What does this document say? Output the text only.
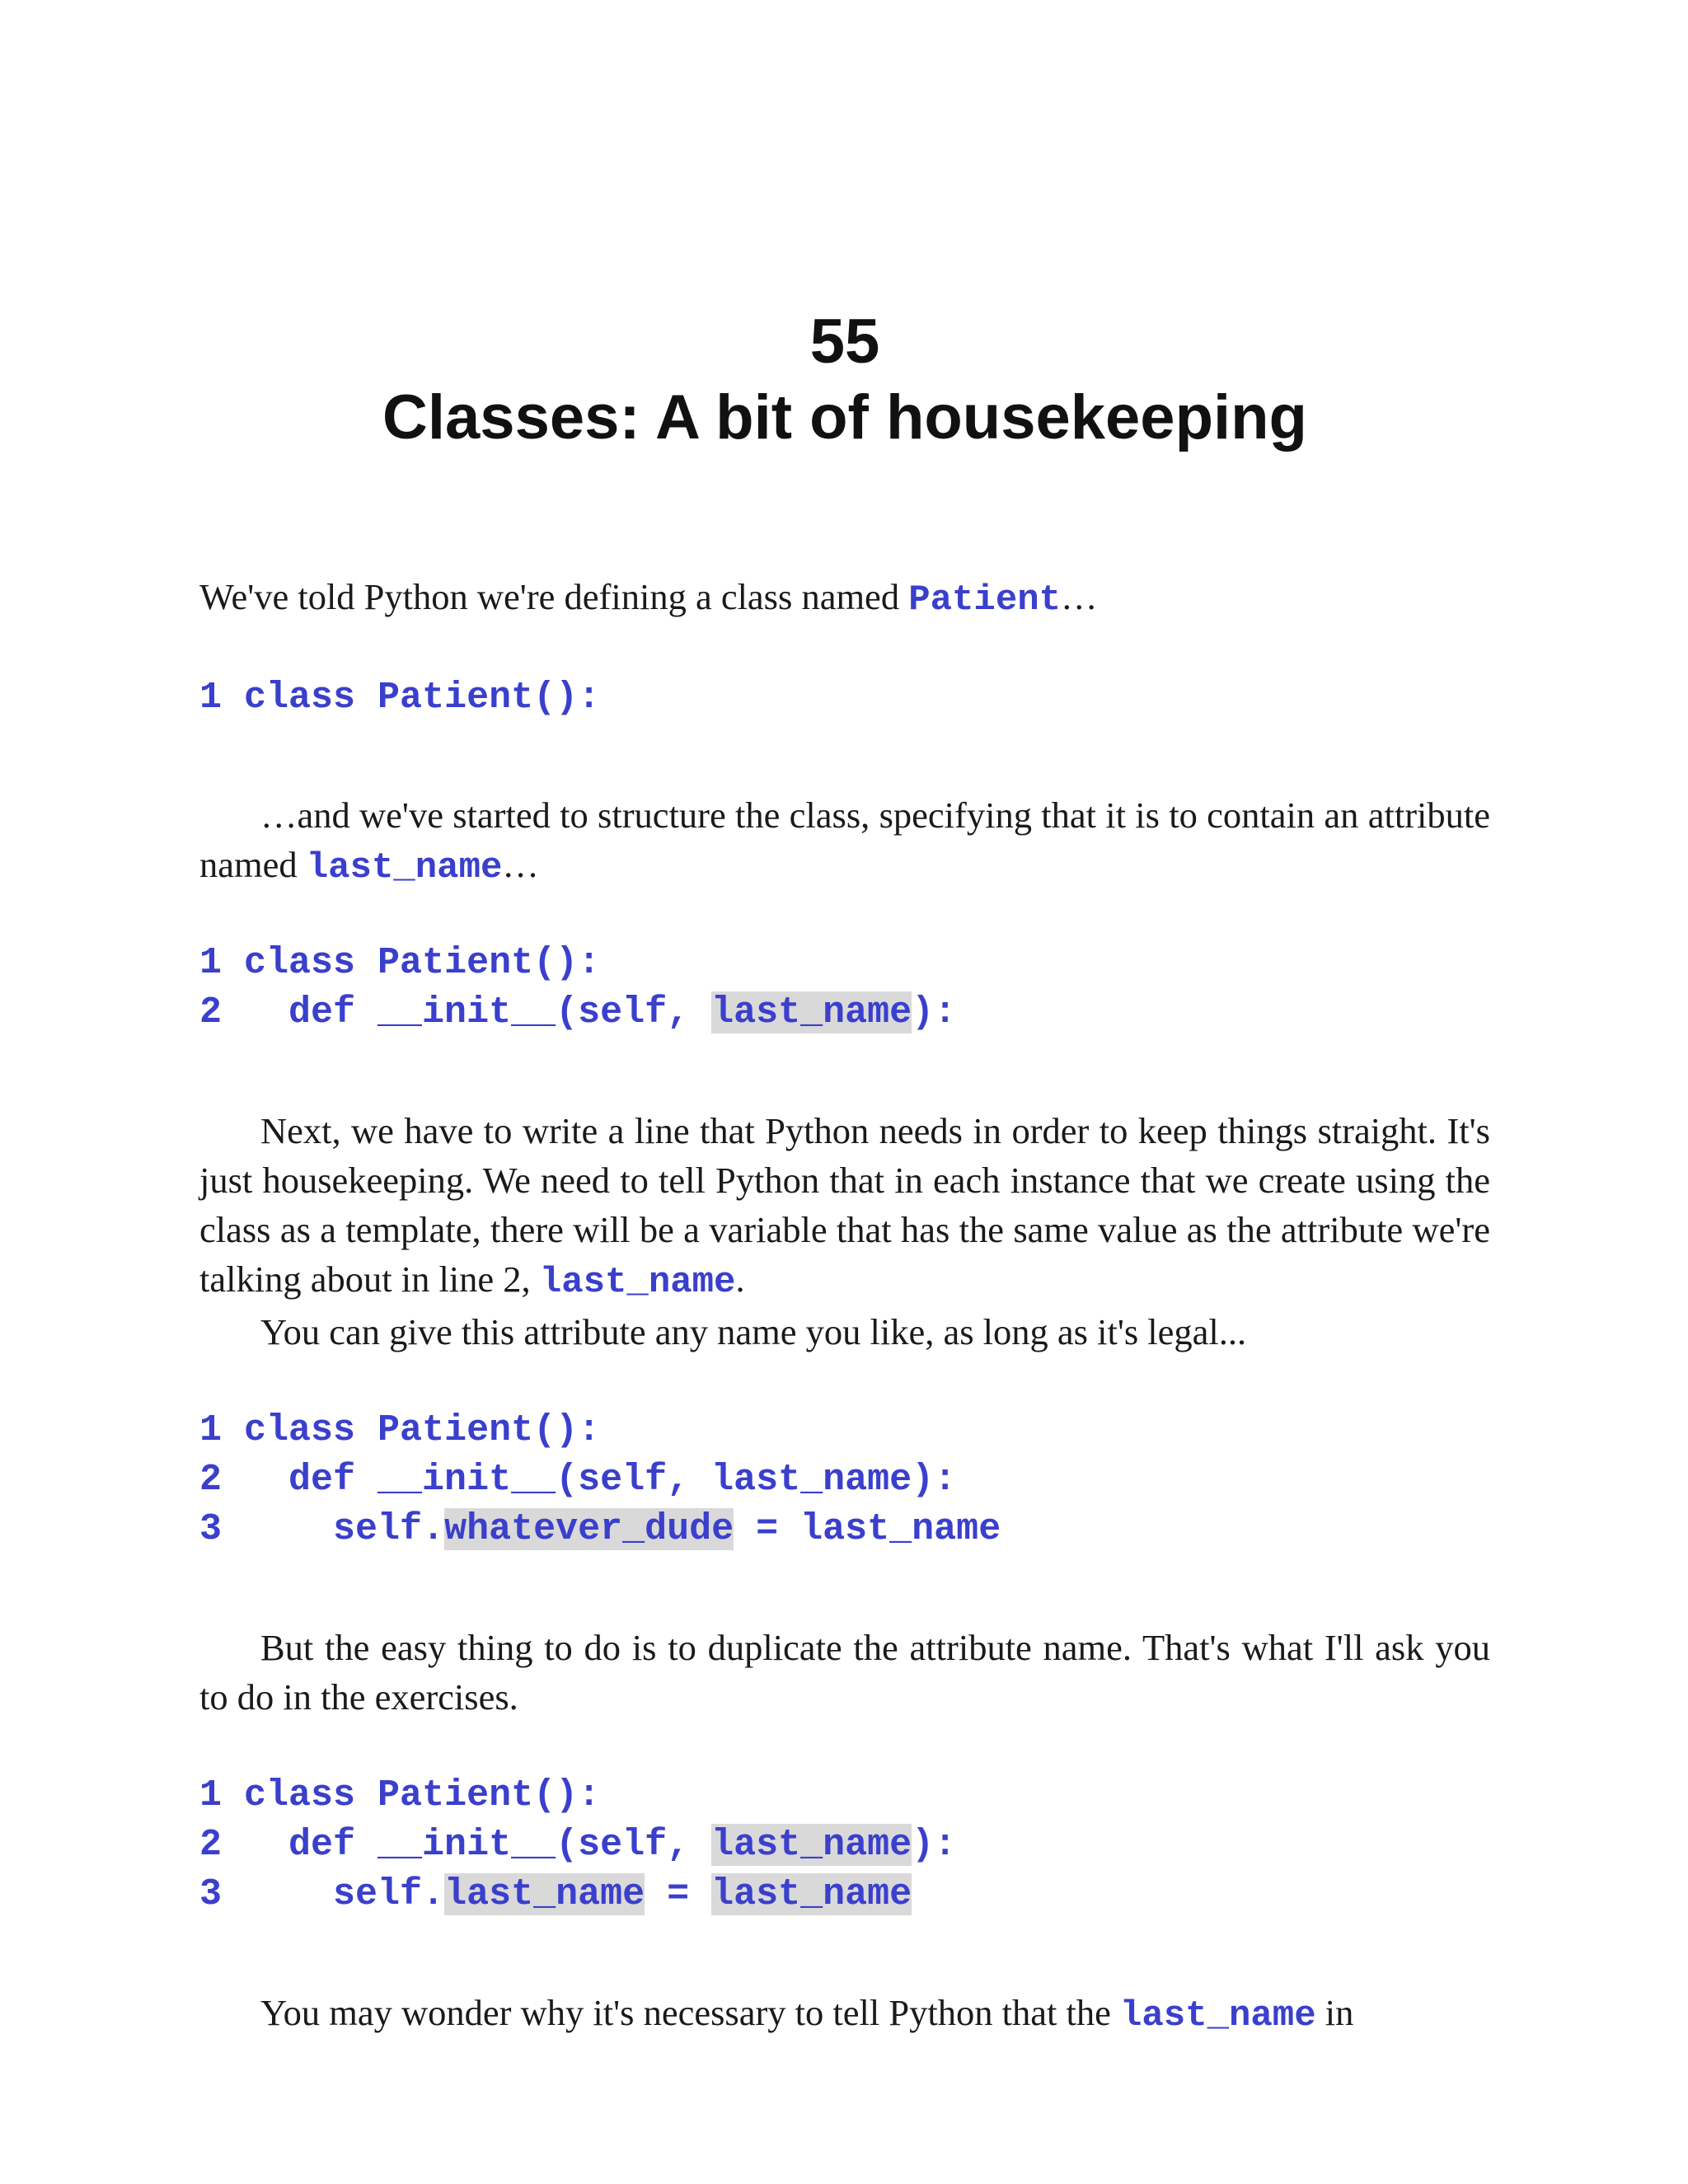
55

Classes: A bit of housekeeping

We've told Python we're defining a class named Patient…

1 class Patient():

…and we've started to structure the class, specifying that it is to contain an attribute named last_name…

1 class Patient():
2 def __init__(self, last_name):

Next, we have to write a line that Python needs in order to keep things straight. It's just housekeeping. We need to tell Python that in each instance that we create using the class as a template, there will be a variable that has the same value as the attribute we're talking about in line 2, last_name.

You can give this attribute any name you like, as long as it's legal...

1 class Patient():
2 def __init__(self, last_name):
3	self.whatever_dude = last_name

But the easy thing to do is to duplicate the attribute name. That's what I'll ask you to do in the exercises.

1 class Patient():
2 def __init__(self, last_name):
3	self.last_name = last_name

You may wonder why it's necessary to tell Python that the last_name in
